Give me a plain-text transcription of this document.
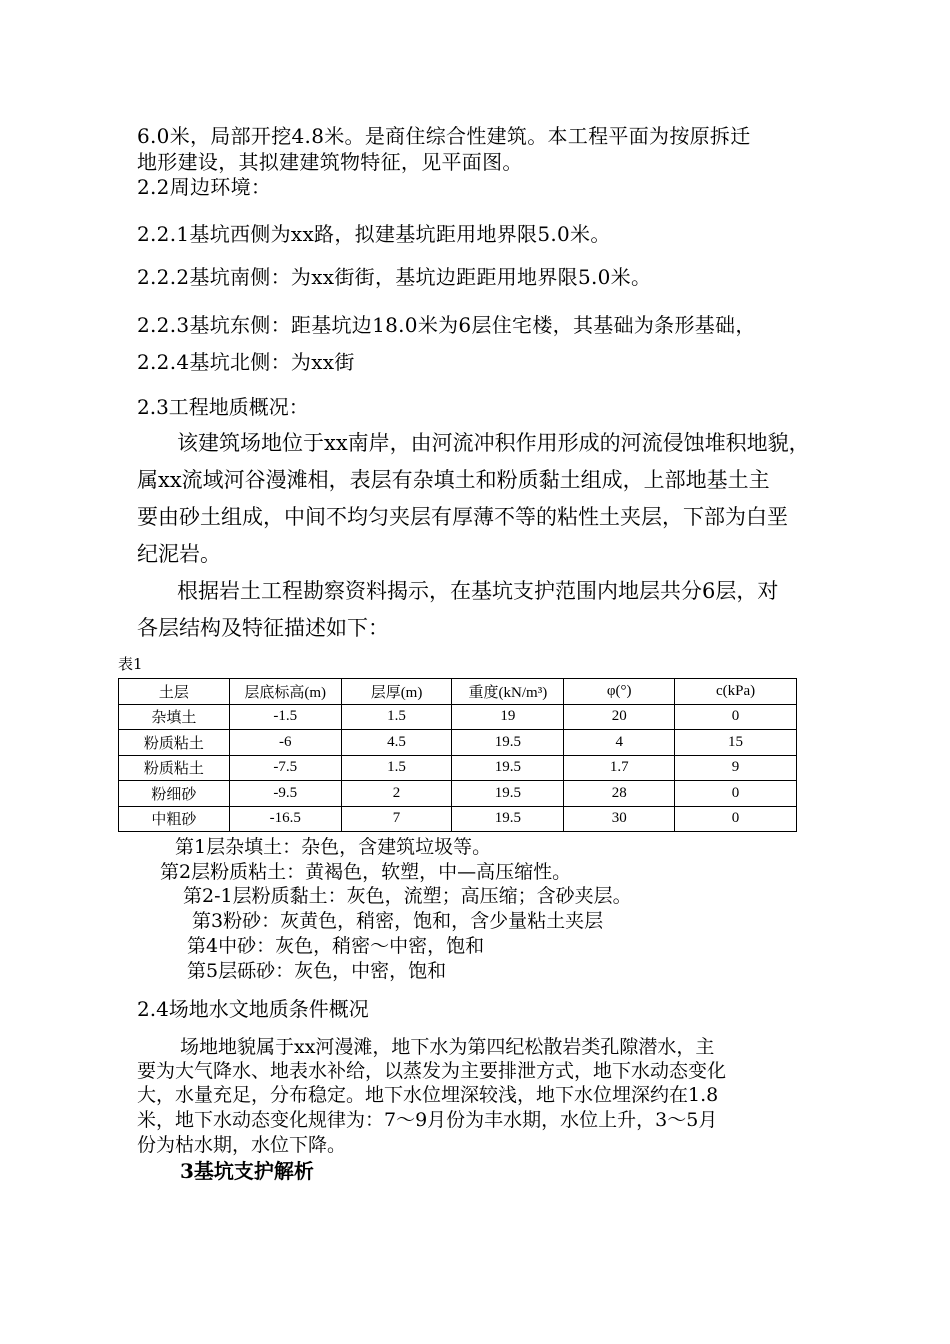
6.0米，局部开挖4.8米。是商住综合性建筑。本工程平面为按原拆迁

地形建设，其拟建建筑物特征，见平面图。

2.2周边环境：

2.2.1基坑西侧为xx路，拟建基坑距用地界限5.0米。

2.2.2基坑南侧：为xx街街，基坑边距距用地界限5.0米。

2.2.3基坑东侧：距基坑边18.0米为6层住宅楼，其基础为条形基础，

2.2.4基坑北侧：为xx街

2.3工程地质概况：

该建筑场地位于xx南岸，由河流冲积作用形成的河流侵蚀堆积地貌，

属xx流域河谷漫滩相，表层有杂填土和粉质黏土组成，上部地基土主

要由砂土组成，中间不均匀夹层有厚薄不等的粘性土夹层，下部为白垩

纪泥岩。

根据岩土工程勘察资料揭示，在基坑支护范围内地层共分6层，对

各层结构及特征描述如下：

表1

土层	层底标高(m)	层厚(m)	重度(kN/m³)	φ(°)	c(kPa)
杂填土	-1.5	1.5	19	20	0
粉质粘土	-6	4.5	19.5	4	15
粉质粘土	-7.5	1.5	19.5	1.7	9
粉细砂	-9.5	2	19.5	28	0
中粗砂	-16.5	7	19.5	30	0

第1层杂填土：杂色，含建筑垃圾等。

第2层粉质粘土：黄褐色，软塑，中—高压缩性。

第2-1层粉质黏土：灰色，流塑；高压缩；含砂夹层。

第3粉砂：灰黄色，稍密，饱和，含少量粘土夹层

第4中砂：灰色，稍密～中密，饱和

第5层砾砂：灰色，中密，饱和

2.4场地水文地质条件概况

场地地貌属于xx河漫滩，地下水为第四纪松散岩类孔隙潜水，主

要为大气降水、地表水补给，以蒸发为主要排泄方式，地下水动态变化

大，水量充足，分布稳定。地下水位埋深较浅，地下水位埋深约在1.8

米，地下水动态变化规律为：7～9月份为丰水期，水位上升，3～5月

份为枯水期，水位下降。

3基坑支护解析
